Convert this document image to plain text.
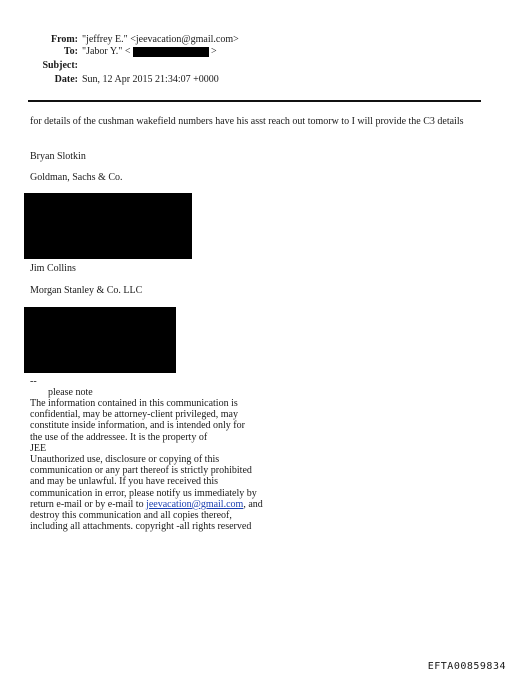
From: "jeffrey E." <jeevacation@gmail.com>
To: "Jabor Y." <
Subject:
Date: Sun, 12 Apr 2015 21:34:07 +0000
>
for details of the cushman wakefield numbers have his asst reach out tomorw to I will provide the C3 details
Bryan Slotkin
Goldman, Sachs & Co.
Jim Collins
Morgan Stanley & Co. LLC
--
please note
The information contained in this communication is
confidential, may be attorney-client privileged, may
constitute inside information, and is intended only for
the use of the addressee. It is the property of
JEE
Unauthorized use, disclosure or copying of this
communication or any part thereof is strictly prohibited
and may be unlawful. If you have received this
communication in error, please notify us immediately by
return e-mail or by e-mail to jeevacation@gmail.com, and
destroy this communication and all copies thereof,
including all attachments. copyright -all rights reserved
EFTA00859834
